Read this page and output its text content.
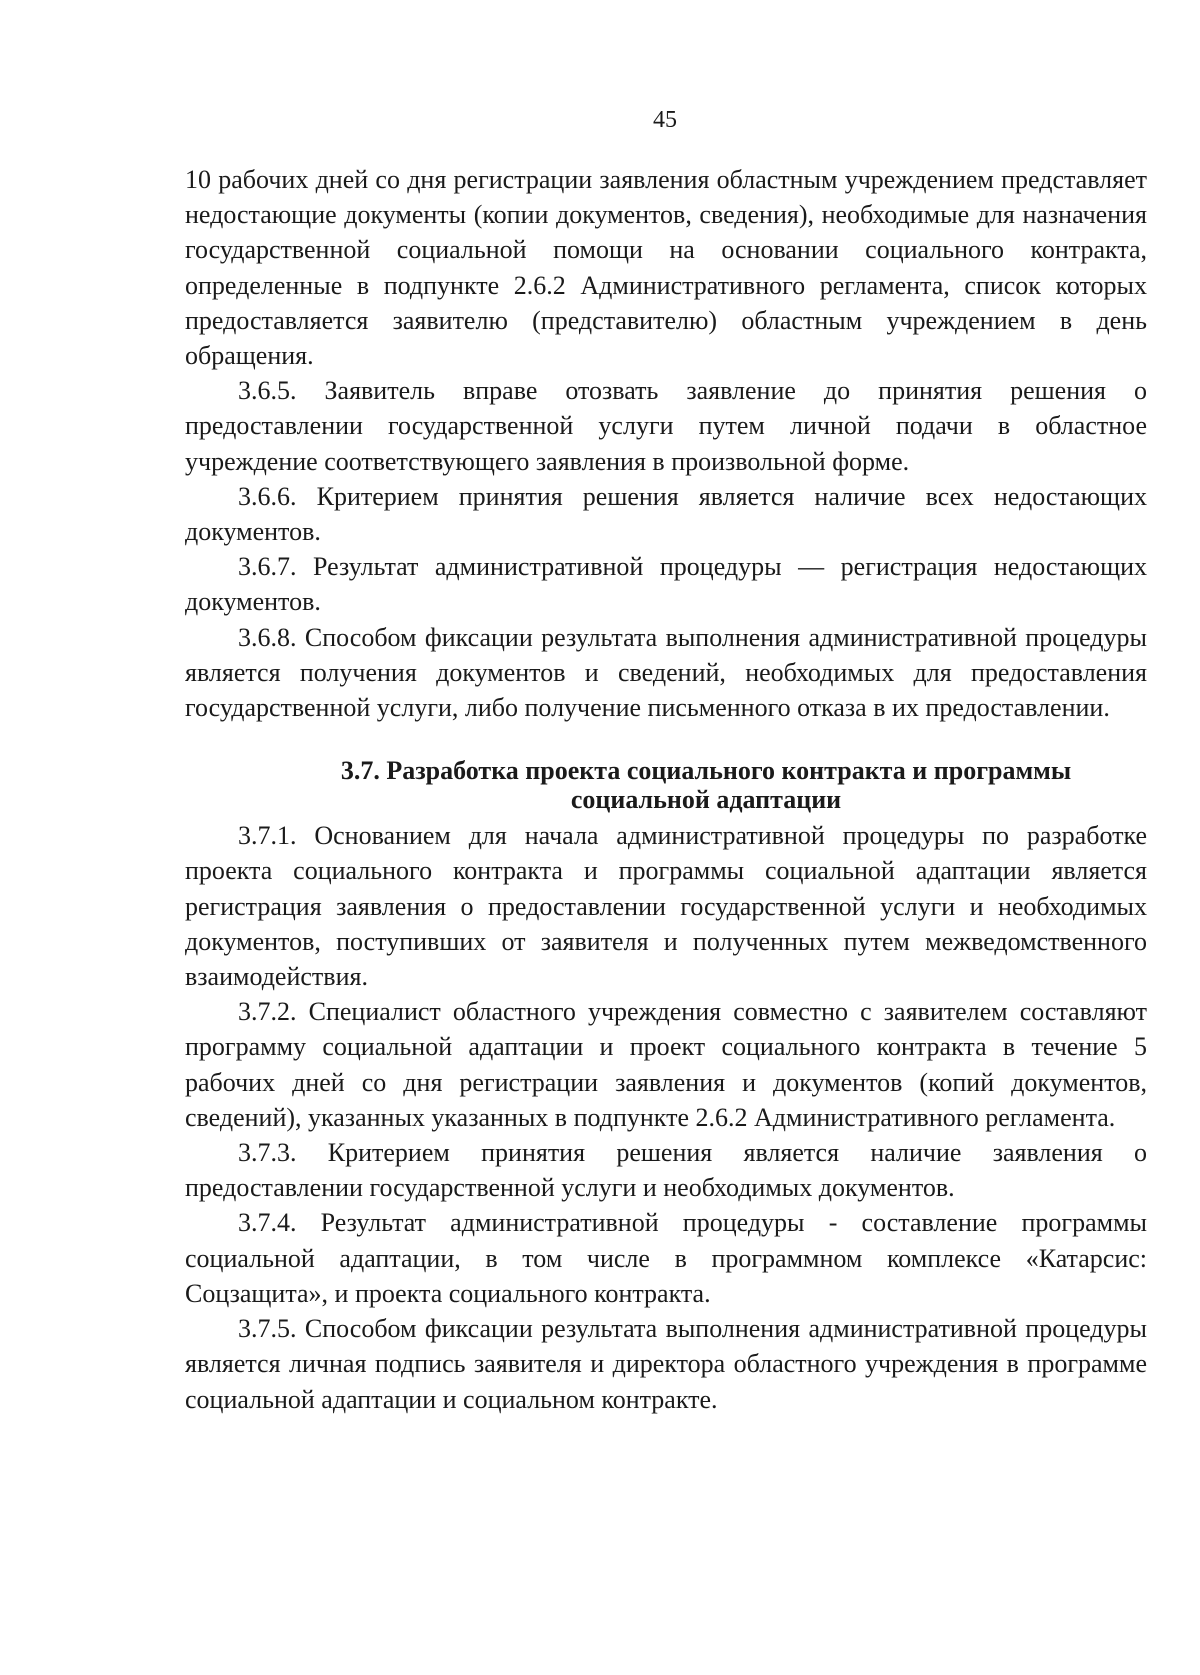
45

10 рабочих дней со дня регистрации заявления областным учреждением представляет недостающие документы (копии документов, сведения), необходимые для назначения государственной социальной помощи на основании социального контракта, определенные в подпункте 2.6.2 Административного регламента, список которых предоставляется заявителю (представителю) областным учреждением в день обращения.

3.6.5. Заявитель вправе отозвать заявление до принятия решения о предоставлении государственной услуги путем личной подачи в областное учреждение соответствующего заявления в произвольной форме.

3.6.6. Критерием принятия решения является наличие всех недостающих документов.

3.6.7. Результат административной процедуры — регистрация недостающих документов.

3.6.8. Способом фиксации результата выполнения административной процедуры является получения документов и сведений, необходимых для предоставления государственной услуги, либо получение письменного отказа в их предоставлении.

3.7. Разработка проекта социального контракта и программы
социальной адаптации

3.7.1. Основанием для начала административной процедуры по разработке проекта социального контракта и программы социальной адаптации является регистрация заявления о предоставлении государственной услуги и необходимых документов, поступивших от заявителя и полученных путем межведомственного взаимодействия.

3.7.2. Специалист областного учреждения совместно с заявителем составляют программу социальной адаптации и проект социального контракта в течение 5 рабочих дней со дня регистрации заявления и документов (копий документов, сведений), указанных указанных в подпункте 2.6.2 Административного регламента.

3.7.3. Критерием принятия решения является наличие заявления о предоставлении государственной услуги и необходимых документов.

3.7.4. Результат административной процедуры - составление программы социальной адаптации, в том числе в программном комплексе «Катарсис: Соцзащита», и проекта социального контракта.

3.7.5. Способом фиксации результата выполнения административной процедуры является личная подпись заявителя и директора областного учреждения в программе социальной адаптации и социальном контракте.
